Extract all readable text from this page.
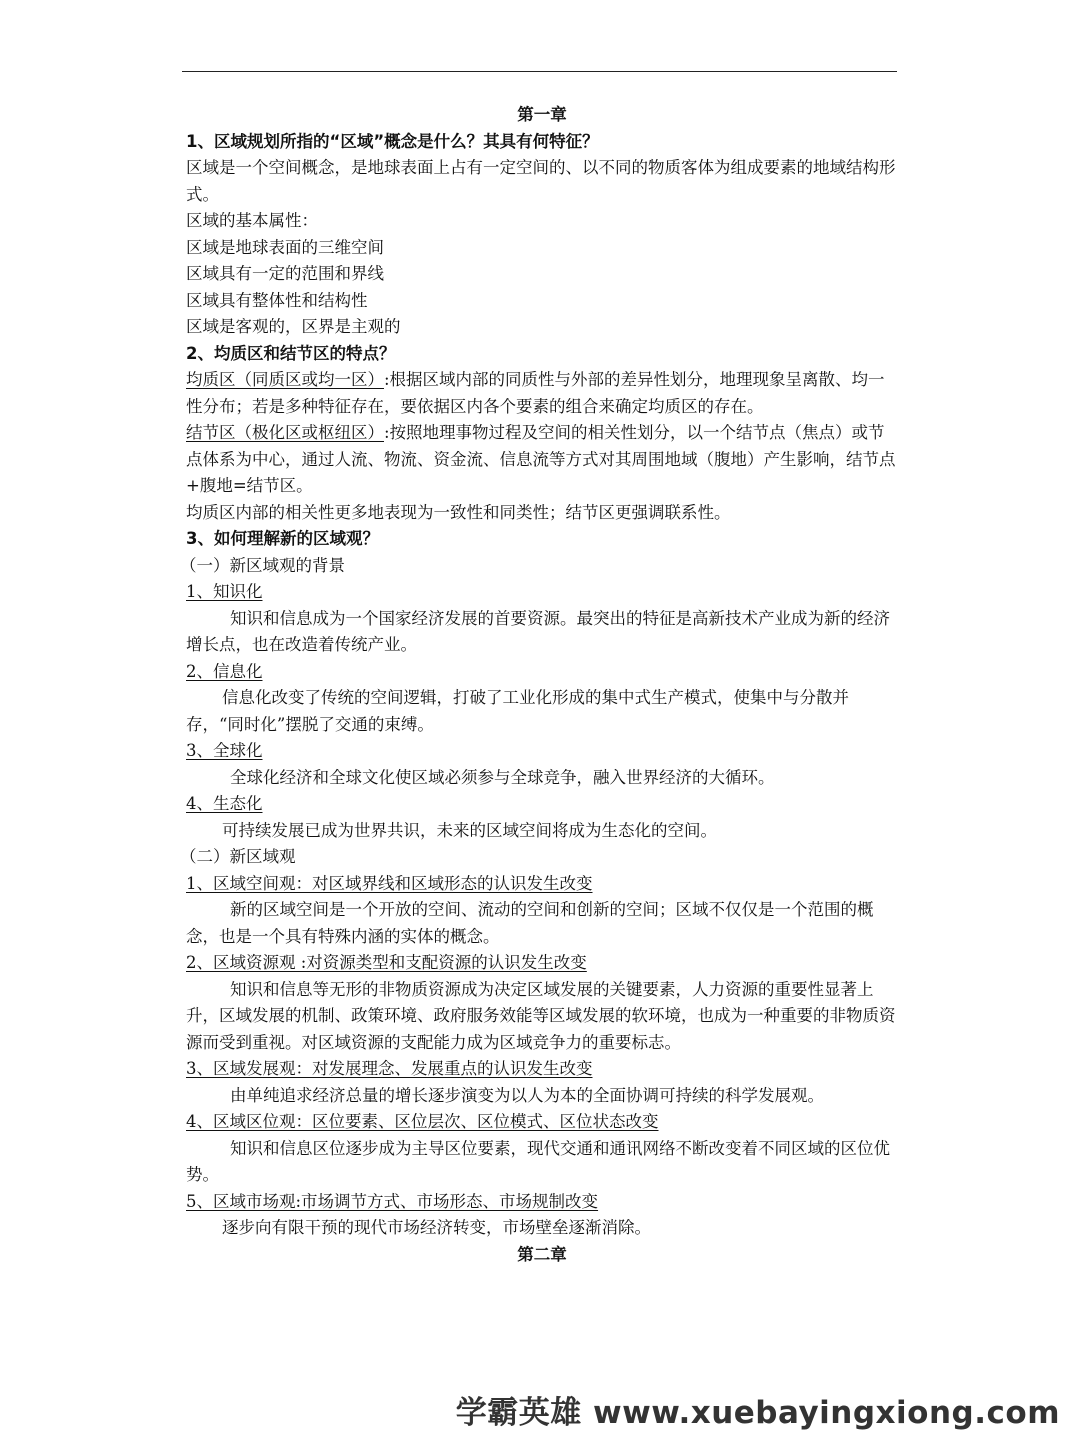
第一章

1、区域规划所指的“区域”概念是什么？其具有何特征？

区域是一个空间概念，是地球表面上占有一定空间的、以不同的物质客体为组成要素的地域结构形式。

区域的基本属性：

区域是地球表面的三维空间

区域具有一定的范围和界线

区域具有整体性和结构性

区域是客观的，区界是主观的

2、均质区和结节区的特点？

均质区（同质区或均一区）:根据区域内部的同质性与外部的差异性划分，地理现象呈离散、均一性分布；若是多种特征存在，要依据区内各个要素的组合来确定均质区的存在。

结节区（极化区或枢纽区）:按照地理事物过程及空间的相关性划分，以一个结节点（焦点）或节点体系为中心，通过人流、物流、资金流、信息流等方式对其周围地域（腹地）产生影响，结节点+腹地=结节区。

均质区内部的相关性更多地表现为一致性和同类性；结节区更强调联系性。

3、如何理解新的区域观？

（一）新区域观的背景

1、知识化

知识和信息成为一个国家经济发展的首要资源。最突出的特征是高新技术产业成为新的经济增长点，也在改造着传统产业。

2、信息化

信息化改变了传统的空间逻辑，打破了工业化形成的集中式生产模式，使集中与分散并存，“同时化”摆脱了交通的束缚。

3、全球化

全球化经济和全球文化使区域必须参与全球竞争，融入世界经济的大循环。

4、生态化

可持续发展已成为世界共识，未来的区域空间将成为生态化的空间。

（二）新区域观

1、区域空间观：对区域界线和区域形态的认识发生改变

新的区域空间是一个开放的空间、流动的空间和创新的空间；区域不仅仅是一个范围的概念，也是一个具有特殊内涵的实体的概念。

2、区域资源观 :对资源类型和支配资源的认识发生改变

知识和信息等无形的非物质资源成为决定区域发展的关键要素，人力资源的重要性显著上升，区域发展的机制、政策环境、政府服务效能等区域发展的软环境，也成为一种重要的非物质资源而受到重视。对区域资源的支配能力成为区域竞争力的重要标志。

3、区域发展观：对发展理念、发展重点的认识发生改变

由单纯追求经济总量的增长逐步演变为以人为本的全面协调可持续的科学发展观。

4、区域区位观：区位要素、区位层次、区位模式、区位状态改变

知识和信息区位逐步成为主导区位要素，现代交通和通讯网络不断改变着不同区域的区位优势。

5、区域市场观:市场调节方式、市场形态、市场规制改变

逐步向有限干预的现代市场经济转变，市场壁垒逐渐消除。

第二章

学霸英雄 www.xuebayingxiong.com
